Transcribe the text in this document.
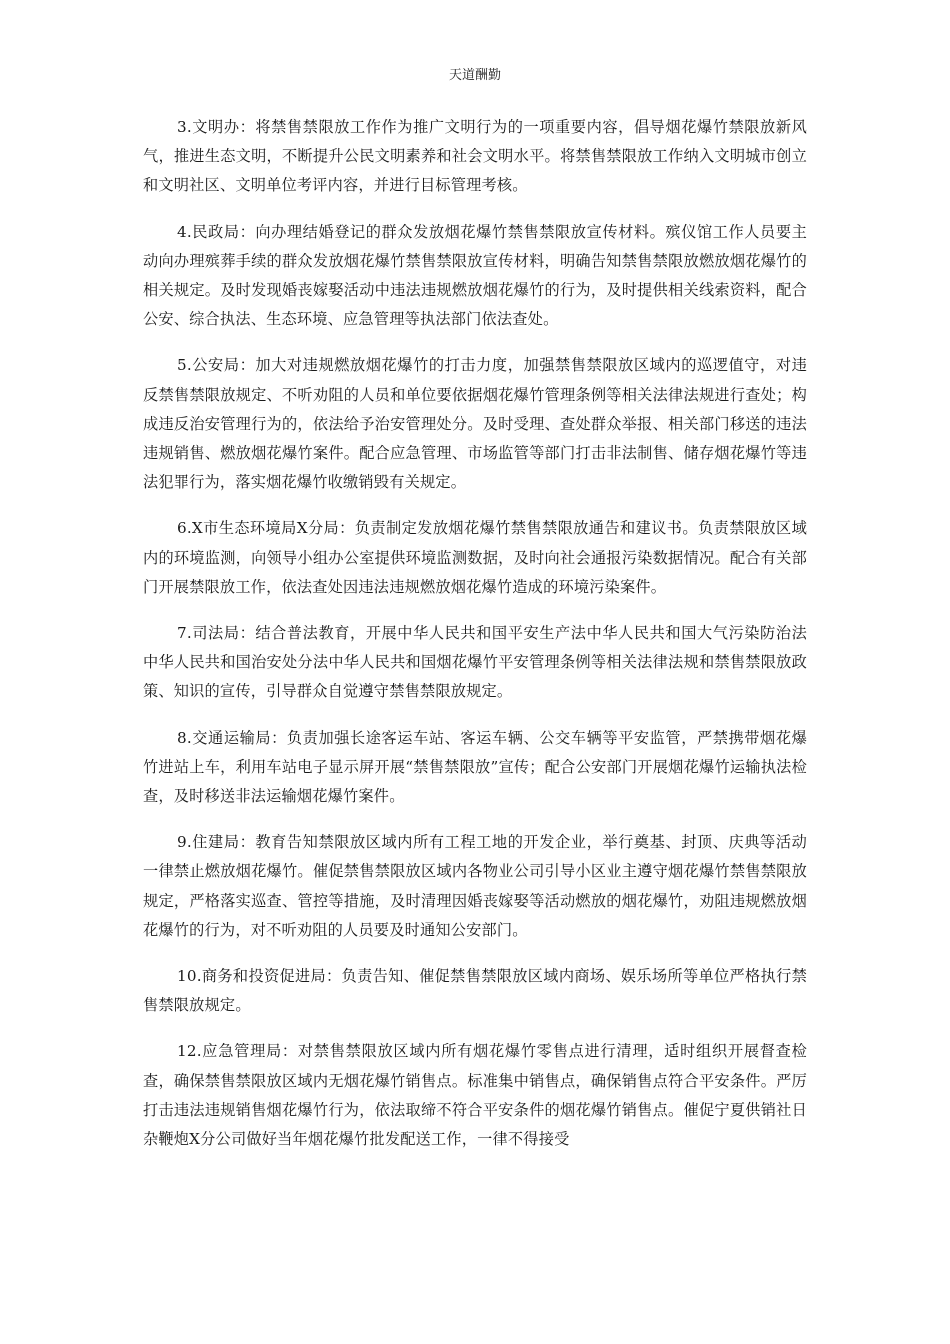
天道酬勤

3.文明办：将禁售禁限放工作作为推广文明行为的一项重要内容，倡导烟花爆竹禁限放新风气，推进生态文明，不断提升公民文明素养和社会文明水平。将禁售禁限放工作纳入文明城市创立和文明社区、文明单位考评内容，并进行目标管理考核。

4.民政局：向办理结婚登记的群众发放烟花爆竹禁售禁限放宣传材料。殡仪馆工作人员要主动向办理殡葬手续的群众发放烟花爆竹禁售禁限放宣传材料，明确告知禁售禁限放燃放烟花爆竹的相关规定。及时发现婚丧嫁娶活动中违法违规燃放烟花爆竹的行为，及时提供相关线索资料，配合公安、综合执法、生态环境、应急管理等执法部门依法查处。

5.公安局：加大对违规燃放烟花爆竹的打击力度，加强禁售禁限放区域内的巡逻值守，对违反禁售禁限放规定、不听劝阻的人员和单位要依据烟花爆竹管理条例等相关法律法规进行查处；构成违反治安管理行为的，依法给予治安管理处分。及时受理、查处群众举报、相关部门移送的违法违规销售、燃放烟花爆竹案件。配合应急管理、市场监管等部门打击非法制售、储存烟花爆竹等违法犯罪行为，落实烟花爆竹收缴销毁有关规定。

6.X市生态环境局X分局：负责制定发放烟花爆竹禁售禁限放通告和建议书。负责禁限放区域内的环境监测，向领导小组办公室提供环境监测数据，及时向社会通报污染数据情况。配合有关部门开展禁限放工作，依法查处因违法违规燃放烟花爆竹造成的环境污染案件。

7.司法局：结合普法教育，开展中华人民共和国平安生产法中华人民共和国大气污染防治法中华人民共和国治安处分法中华人民共和国烟花爆竹平安管理条例等相关法律法规和禁售禁限放政策、知识的宣传，引导群众自觉遵守禁售禁限放规定。

8.交通运输局：负责加强长途客运车站、客运车辆、公交车辆等平安监管，严禁携带烟花爆竹进站上车，利用车站电子显示屏开展“禁售禁限放”宣传；配合公安部门开展烟花爆竹运输执法检查，及时移送非法运输烟花爆竹案件。

9.住建局：教育告知禁限放区域内所有工程工地的开发企业，举行奠基、封顶、庆典等活动一律禁止燃放烟花爆竹。催促禁售禁限放区域内各物业公司引导小区业主遵守烟花爆竹禁售禁限放规定，严格落实巡查、管控等措施，及时清理因婚丧嫁娶等活动燃放的烟花爆竹，劝阻违规燃放烟花爆竹的行为，对不听劝阻的人员要及时通知公安部门。

10.商务和投资促进局：负责告知、催促禁售禁限放区域内商场、娱乐场所等单位严格执行禁售禁限放规定。

12.应急管理局：对禁售禁限放区域内所有烟花爆竹零售点进行清理，适时组织开展督查检查，确保禁售禁限放区域内无烟花爆竹销售点。标准集中销售点，确保销售点符合平安条件。严厉打击违法违规销售烟花爆竹行为，依法取缔不符合平安条件的烟花爆竹销售点。催促宁夏供销社日杂鞭炮X分公司做好当年烟花爆竹批发配送工作，一律不得接受
